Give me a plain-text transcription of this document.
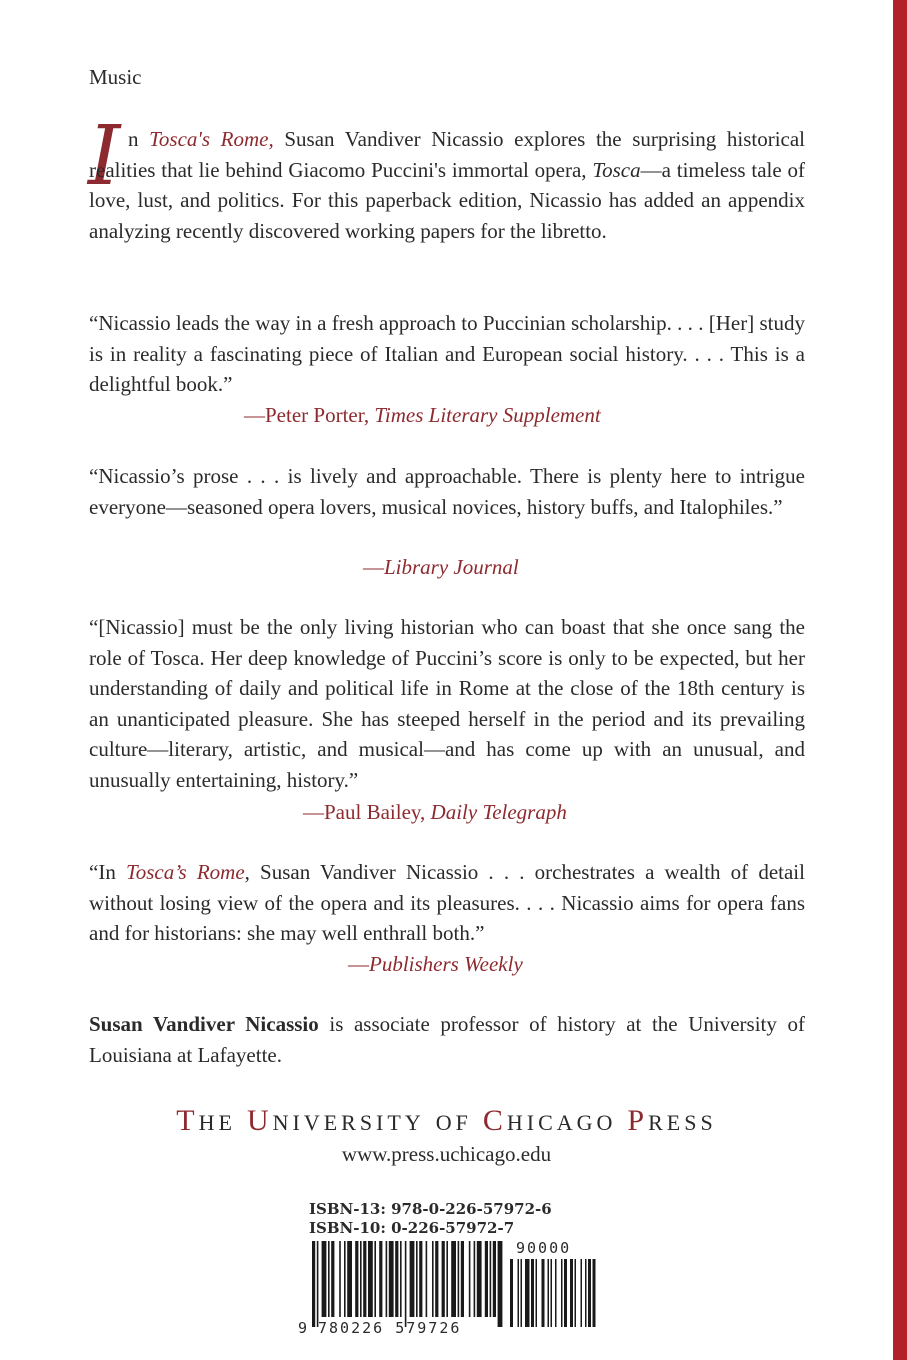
Music
I n Tosca's Rome, Susan Vandiver Nicassio explores the surprising historical realities that lie behind Giacomo Puccini's immortal opera, Tosca—a timeless tale of love, lust, and politics. For this paperback edition, Nicassio has added an appendix analyzing recently discovered working papers for the libretto.
“Nicassio leads the way in a fresh approach to Puccinian scholarship. . . . [Her] study is in reality a fascinating piece of Italian and European social history. . . . This is a delightful book.”
—Peter Porter, Times Literary Supplement
“Nicassio’s prose . . . is lively and approachable. There is plenty here to intrigue everyone—seasoned opera lovers, musical novices, history buffs, and Italophiles.”
—Library Journal
“[Nicassio] must be the only living historian who can boast that she once sang the role of Tosca. Her deep knowledge of Puccini’s score is only to be expected, but her understanding of daily and political life in Rome at the close of the 18th century is an unanticipated pleasure. She has steeped herself in the period and its prevailing culture—literary, artistic, and musical—and has come up with an unusual, and unusually entertaining, history.”
—Paul Bailey, Daily Telegraph
“In Tosca’s Rome, Susan Vandiver Nicassio . . . orchestrates a wealth of detail without losing view of the opera and its pleasures. . . . Nicassio aims for opera fans and for historians: she may well enthrall both.”
—Publishers Weekly
Susan Vandiver Nicassio is associate professor of history at the University of Louisiana at Lafayette.
THE UNIVERSITY OF CHICAGO PRESS
www.press.uchicago.edu
ISBN-13: 978-0-226-57972-6
ISBN-10: 0-226-57972-7
9 780226 579726
90000
